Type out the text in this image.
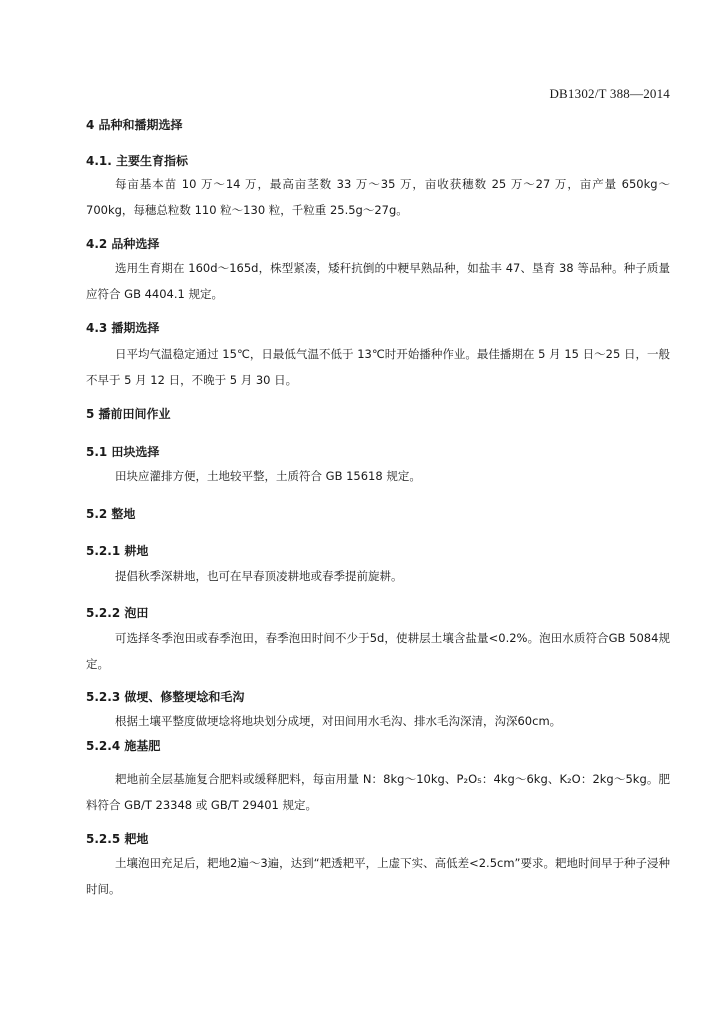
DB1302/T 388—2014
4 品种和播期选择
4.1. 主要生育指标
每亩基本苗 10 万～14 万，最高亩茎数 33 万～35 万，亩收获穗数 25 万～27 万，亩产量 650kg～700kg，每穗总粒数 110 粒～130 粒，千粒重 25.5g～27g。
4.2 品种选择
选用生育期在 160d～165d，株型紧凑，矮秆抗倒的中粳早熟品种，如盐丰 47、垦育 38 等品种。种子质量应符合 GB 4404.1 规定。
4.3 播期选择
日平均气温稳定通过 15℃，日最低气温不低于 13℃时开始播种作业。最佳播期在 5 月 15 日～25 日，一般不早于 5 月 12 日，不晚于 5 月 30 日。
5 播前田间作业
5.1 田块选择
田块应灌排方便，土地较平整，土质符合 GB 15618 规定。
5.2 整地
5.2.1 耕地
提倡秋季深耕地，也可在早春顶凌耕地或春季提前旋耕。
5.2.2 泡田
可选择冬季泡田或春季泡田，春季泡田时间不少于5d，使耕层土壤含盐量<0.2%。泡田水质符合GB 5084规定。
5.2.3 做埂、修整埂埝和毛沟
根据土壤平整度做埂埝将地块划分成埂，对田间用水毛沟、排水毛沟深清，沟深60cm。
5.2.4 施基肥
耙地前全层基施复合肥料或缓释肥料，每亩用量 N：8kg～10kg、P₂O₅：4kg～6kg、K₂O：2kg～5kg。肥料符合 GB/T 23348 或 GB/T 29401 规定。
5.2.5 耙地
土壤泡田充足后，耙地2遍～3遍，达到“耙透耙平，上虚下实、高低差<2.5cm”要求。耙地时间早于种子浸种时间。
